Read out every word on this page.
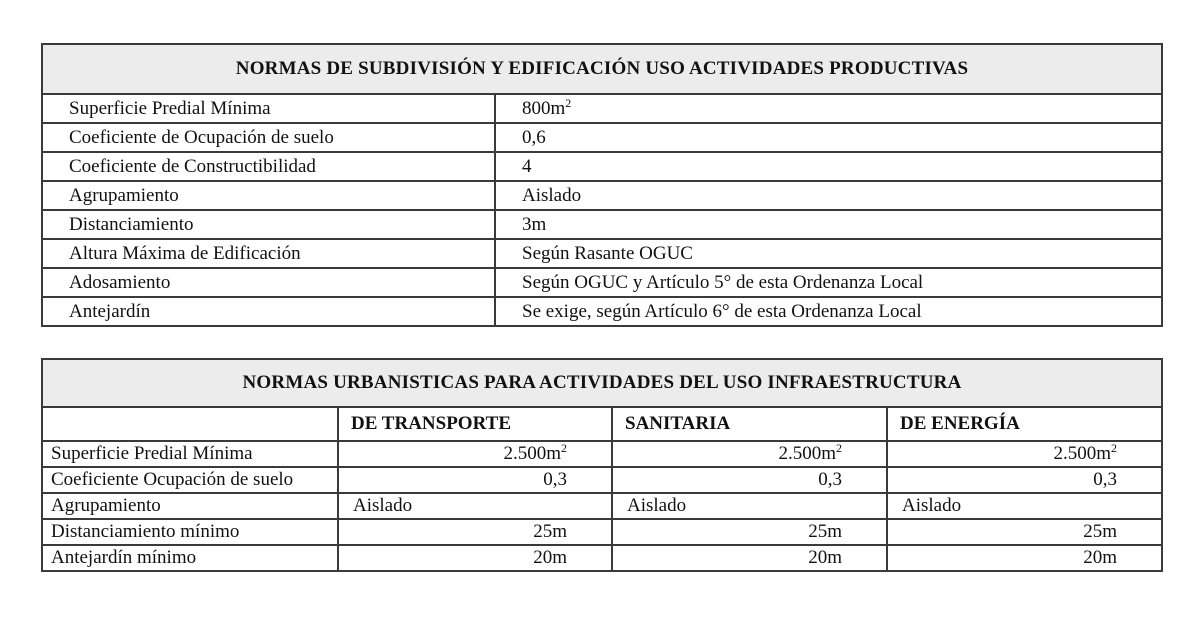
NORMAS DE SUBDIVISIÓN Y EDIFICACIÓN USO ACTIVIDADES PRODUCTIVAS	
Superficie Predial Mínima	$800m^2$
Coeficiente de Ocupación de suelo	0,6
Coeficiente de Constructibilidad	4
Agrupamiento	Aislado
Distanciamiento	3m
Altura Máxima de Edificación	Según Rasante OGUC
Adosamiento	Según OGUC y Artículo 5° de esta Ordenanza Local
Antejardín	Se exige, según Artículo 6° de esta Ordenanza Local
NORMAS URBANISTICAS PARA ACTIVIDADES DEL USO INFRAESTRUCTURA			
	DE TRANSPORTE	SANITARIA	DE ENERGÍA
Superficie Predial Mínima	$2.500m^2$	$2.500m^2$	$2.500m^2$
Coeficiente Ocupación de suelo	0,3	0,3	0,3
Agrupamiento	Aislado	Aislado	Aislado
Distanciamiento mínimo	25m	25m	25m
Antejardín mínimo	20m	20m	20m
